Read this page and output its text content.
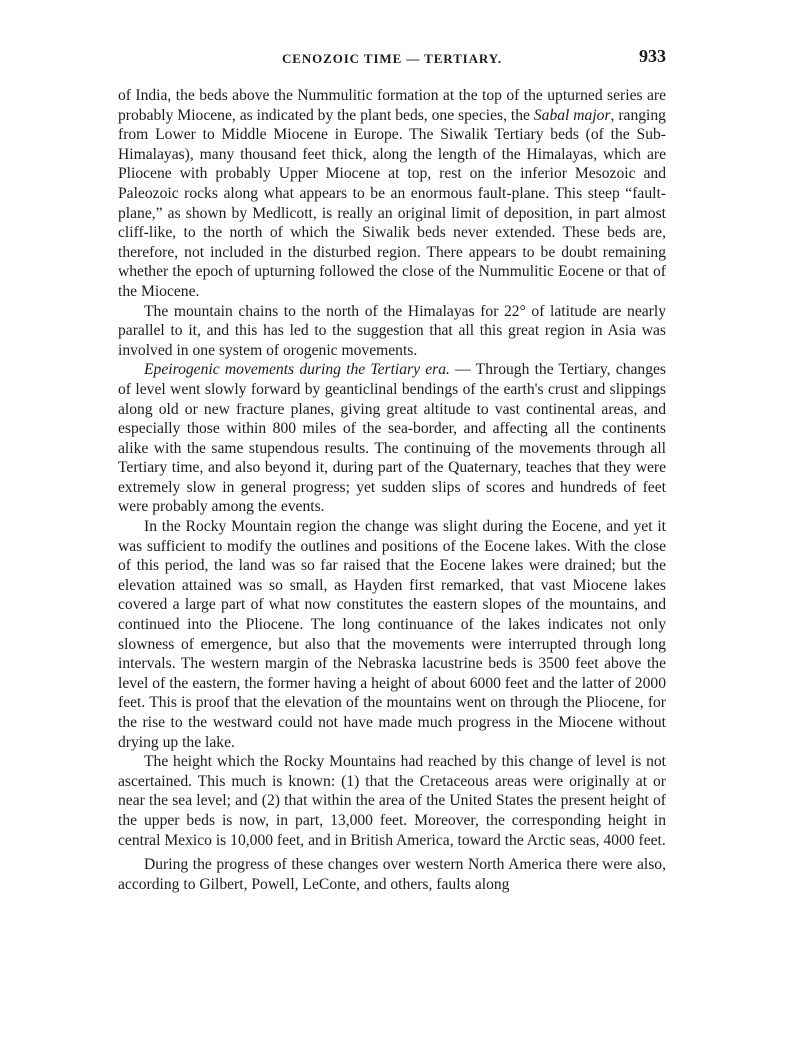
CENOZOIC TIME — TERTIARY.	933

of India, the beds above the Nummulitic formation at the top of the upturned series are probably Miocene, as indicated by the plant beds, one species, the Sabal major, ranging from Lower to Middle Miocene in Europe. The Siwalik Tertiary beds (of the Sub-Himalayas), many thousand feet thick, along the length of the Himalayas, which are Pliocene with probably Upper Miocene at top, rest on the inferior Mesozoic and Paleozoic rocks along what appears to be an enormous fault-plane. This steep “fault-plane,” as shown by Medlicott, is really an original limit of deposition, in part almost cliff-like, to the north of which the Siwalik beds never extended. These beds are, therefore, not included in the disturbed region. There appears to be doubt remaining whether the epoch of upturning followed the close of the Nummulitic Eocene or that of the Miocene.

The mountain chains to the north of the Himalayas for 22° of latitude are nearly parallel to it, and this has led to the suggestion that all this great region in Asia was involved in one system of orogenic movements.

Epeirogenic movements during the Tertiary era. — Through the Tertiary, changes of level went slowly forward by geanticlinal bendings of the earth's crust and slippings along old or new fracture planes, giving great altitude to vast continental areas, and especially those within 800 miles of the sea-border, and affecting all the continents alike with the same stupendous results. The continuing of the movements through all Tertiary time, and also beyond it, during part of the Quaternary, teaches that they were extremely slow in general progress; yet sudden slips of scores and hundreds of feet were probably among the events.

In the Rocky Mountain region the change was slight during the Eocene, and yet it was sufficient to modify the outlines and positions of the Eocene lakes. With the close of this period, the land was so far raised that the Eocene lakes were drained; but the elevation attained was so small, as Hayden first remarked, that vast Miocene lakes covered a large part of what now constitutes the eastern slopes of the mountains, and continued into the Pliocene. The long continuance of the lakes indicates not only slowness of emergence, but also that the movements were interrupted through long intervals. The western margin of the Nebraska lacustrine beds is 3500 feet above the level of the eastern, the former having a height of about 6000 feet and the latter of 2000 feet. This is proof that the elevation of the mountains went on through the Pliocene, for the rise to the westward could not have made much progress in the Miocene without drying up the lake.

The height which the Rocky Mountains had reached by this change of level is not ascertained. This much is known: (1) that the Cretaceous areas were originally at or near the sea level; and (2) that within the area of the United States the present height of the upper beds is now, in part, 13,000 feet. Moreover, the corresponding height in central Mexico is 10,000 feet, and in British America, toward the Arctic seas, 4000 feet.

During the progress of these changes over western North America there were also, according to Gilbert, Powell, LeConte, and others, faults along
